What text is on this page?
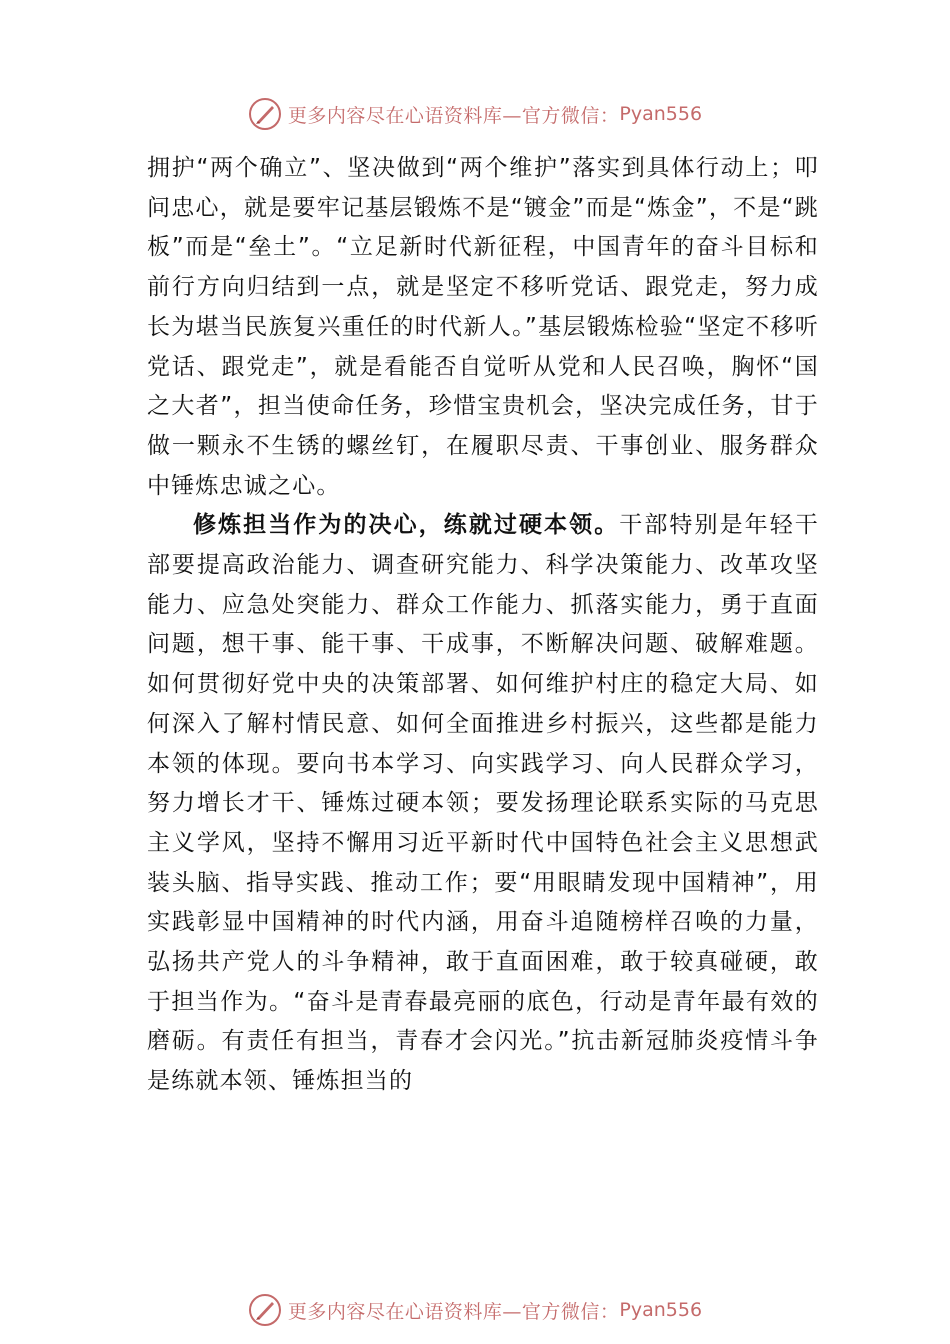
更多内容尽在心语资料库—官方微信： Pyan556

拥护“两个确立”、坚决做到“两个维护”落实到具体行动上；叩问忠心，就是要牢记基层锻炼不是“镀金”而是“炼金”，不是“跳板”而是“垒土”。“立足新时代新征程，中国青年的奋斗目标和前行方向归结到一点，就是坚定不移听党话、跟党走，努力成长为堪当民族复兴重任的时代新人。”基层锻炼检验“坚定不移听党话、跟党走”，就是看能否自觉听从党和人民召唤，胸怀“国之大者”，担当使命任务，珍惜宝贵机会，坚决完成任务，甘于做一颗永不生锈的螺丝钉，在履职尽责、干事创业、服务群众中锤炼忠诚之心。

修炼担当作为的决心，练就过硬本领。干部特别是年轻干部要提高政治能力、调查研究能力、科学决策能力、改革攻坚能力、应急处突能力、群众工作能力、抓落实能力，勇于直面问题，想干事、能干事、干成事，不断解决问题、破解难题。如何贯彻好党中央的决策部署、如何维护村庄的稳定大局、如何深入了解村情民意、如何全面推进乡村振兴，这些都是能力本领的体现。要向书本学习、向实践学习、向人民群众学习，努力增长才干、锤炼过硬本领；要发扬理论联系实际的马克思主义学风，坚持不懈用习近平新时代中国特色社会主义思想武装头脑、指导实践、推动工作；要“用眼睛发现中国精神”，用实践彰显中国精神的时代内涵，用奋斗追随榜样召唤的力量，弘扬共产党人的斗争精神，敢于直面困难，敢于较真碰硬，敢于担当作为。“奋斗是青春最亮丽的底色，行动是青年最有效的磨砺。有责任有担当，青春才会闪光。”抗击新冠肺炎疫情斗争是练就本领、锤炼担当的

更多内容尽在心语资料库—官方微信： Pyan556
